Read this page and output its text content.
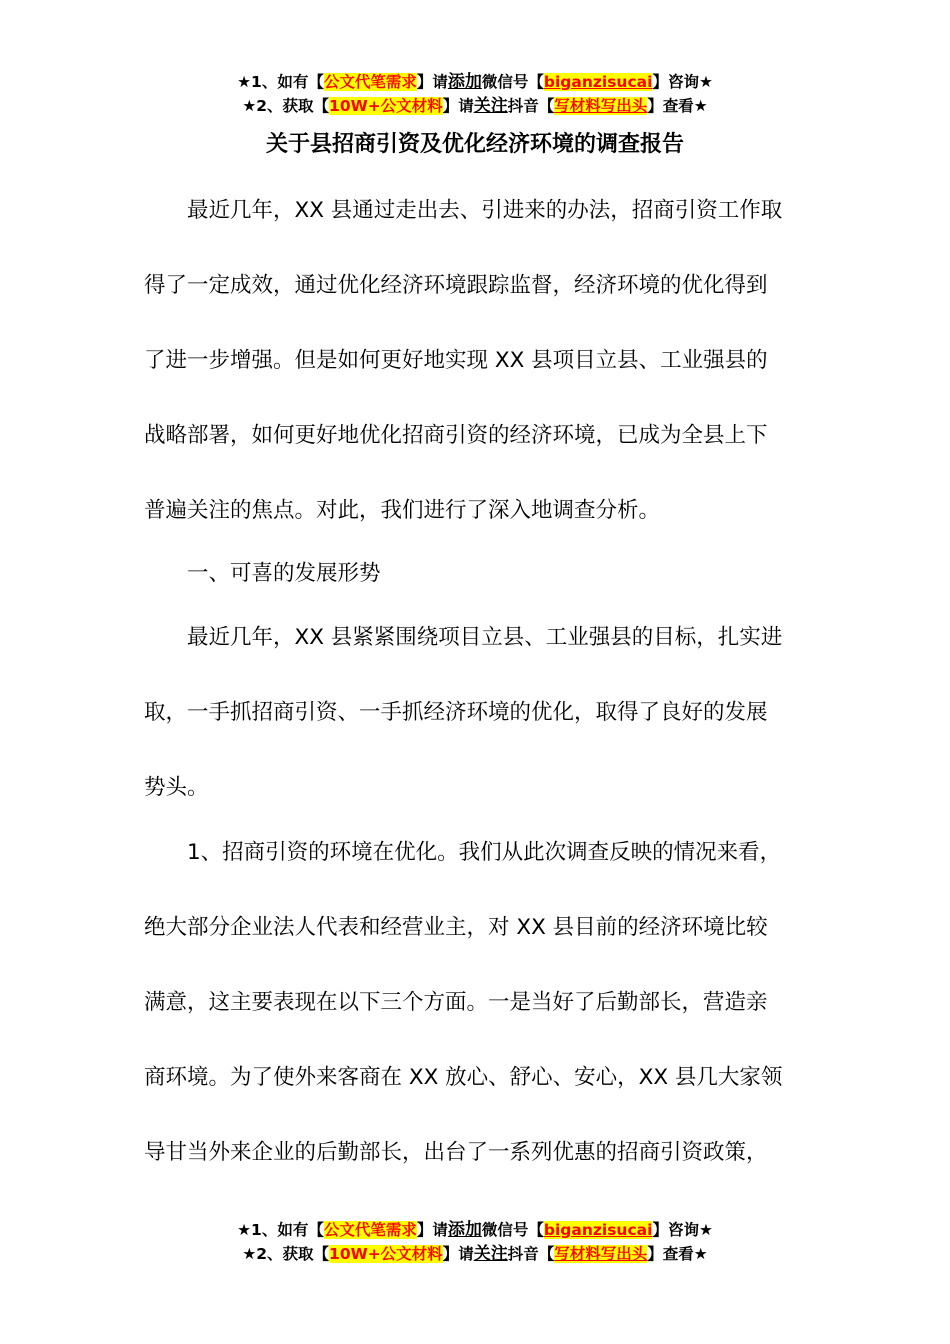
★1、如有【公文代笔需求】请添加微信号【biganzisucai】咨询★
★2、获取【10W+公文材料】请关注抖音【写材料写出头】查看★
关于县招商引资及优化经济环境的调查报告
　　最近几年，XX 县通过走出去、引进来的办法，招商引资工作取
得了一定成效，通过优化经济环境跟踪监督，经济环境的优化得到
了进一步增强。但是如何更好地实现 XX 县项目立县、工业强县的
战略部署，如何更好地优化招商引资的经济环境，已成为全县上下
普遍关注的焦点。对此，我们进行了深入地调查分析。
　　一、可喜的发展形势
　　最近几年，XX 县紧紧围绕项目立县、工业强县的目标，扎实进
取，一手抓招商引资、一手抓经济环境的优化，取得了良好的发展
势头。
　　1、招商引资的环境在优化。我们从此次调查反映的情况来看，
绝大部分企业法人代表和经营业主，对 XX 县目前的经济环境比较
满意，这主要表现在以下三个方面。一是当好了后勤部长，营造亲
商环境。为了使外来客商在 XX 放心、舒心、安心，XX 县几大家领
导甘当外来企业的后勤部长，出台了一系列优惠的招商引资政策，
★1、如有【公文代笔需求】请添加微信号【biganzisucai】咨询★
★2、获取【10W+公文材料】请关注抖音【写材料写出头】查看★
